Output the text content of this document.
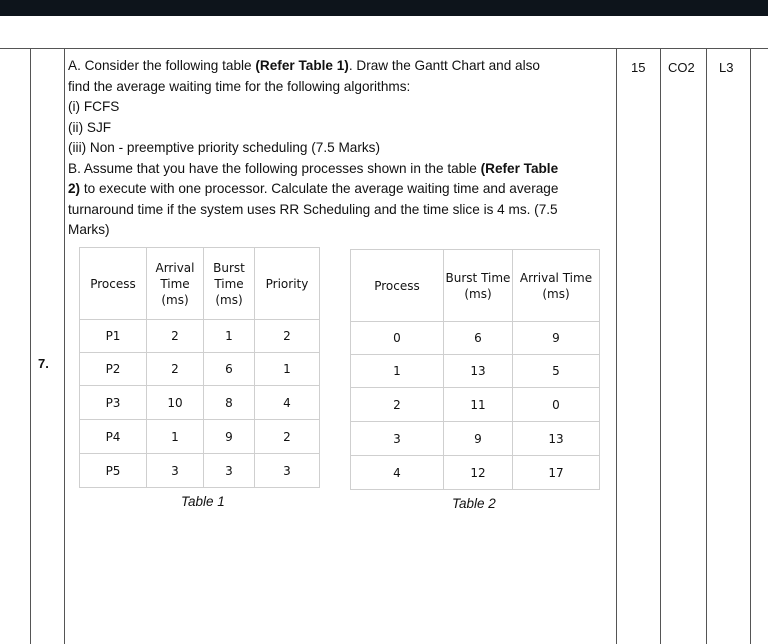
7.
15 CO2 L3
A. Consider the following table (Refer Table 1). Draw the Gantt Chart and also
find the average waiting time for the following algorithms:
(i) FCFS
(ii) SJF
(iii) Non - preemptive priority scheduling (7.5 Marks)
B. Assume that you have the following processes shown in the table (Refer Table
2) to execute with one processor. Calculate the average waiting time and average
turnaround time if the system uses RR Scheduling and the time slice is 4 ms. (7.5
Marks)
Process	Arrival Time (ms)	Burst Time (ms)	Priority
P1	2	1	2
P2	2	6	1
P3	10	8	4
P4	1	9	2
P5	3	3	3
Table 1
Process	Burst Time (ms)	Arrival Time (ms)
0	6	9
1	13	5
2	11	0
3	9	13
4	12	17
Table 2
